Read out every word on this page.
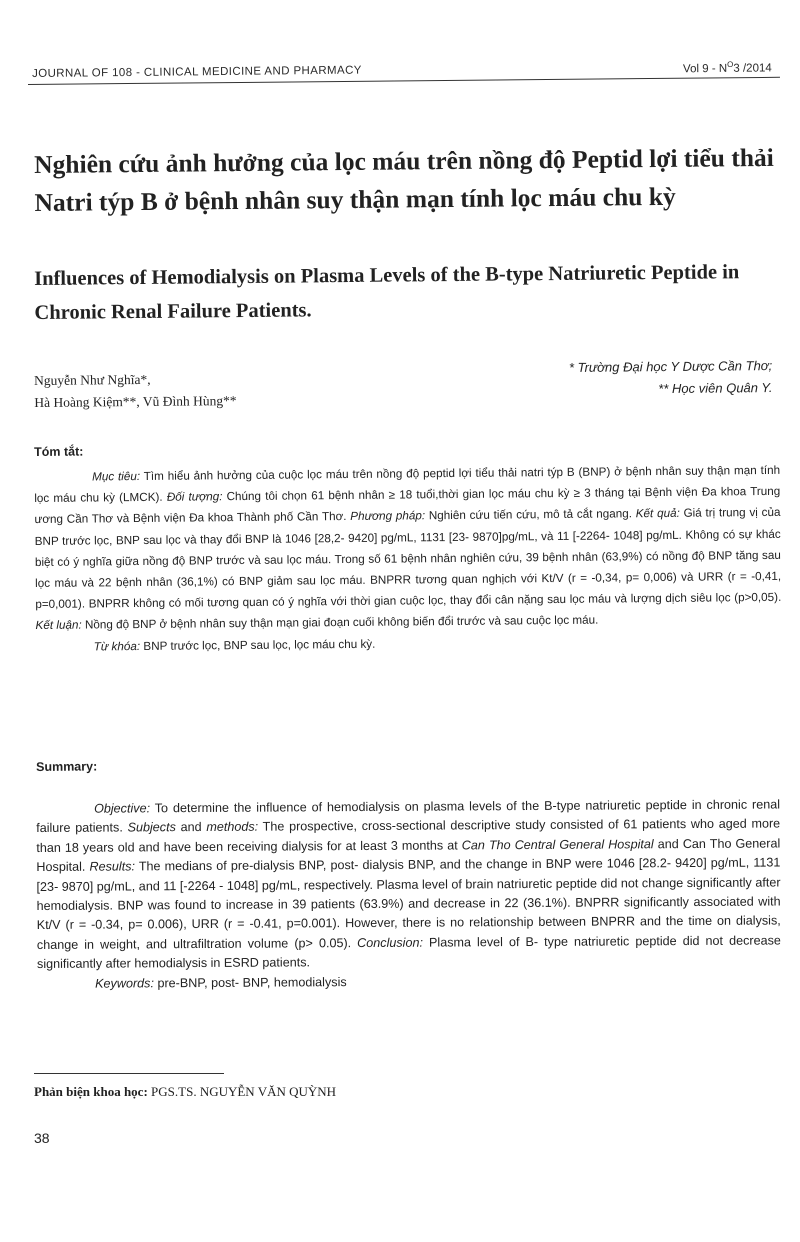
JOURNAL OF 108 - CLINICAL MEDICINE AND PHARMACY	Vol $9 - N^O3$ /2014
Nghiên cứu ảnh hưởng của lọc máu trên nồng độ Peptid lợi tiểu thải Natri týp B ở bệnh nhân suy thận mạn tính lọc máu chu kỳ
Influences of Hemodialysis on Plasma Levels of the B-type Natriuretic Peptide in Chronic Renal Failure Patients.
Nguyễn Như Nghĩa*,
Hà Hoàng Kiệm**, Vũ Đình Hùng**
* Trường Đại học Y Dược Cần Thơ;
** Học viên Quân Y.
Tóm tắt:

Mục tiêu: Tìm hiểu ảnh hưởng của cuộc lọc máu trên nồng độ peptid lợi tiểu thải natri týp B (BNP) ở bệnh nhân suy thận mạn tính lọc máu chu kỳ (LMCK). Đối tượng: Chúng tôi chọn 61 bệnh nhân ≥ 18 tuổi,thời gian lọc máu chu kỳ ≥ 3 tháng tại Bệnh viện Đa khoa Trung ương Cần Thơ và Bệnh viện Đa khoa Thành phố Cần Thơ. Phương pháp: Nghiên cứu tiến cứu, mô tả cắt ngang. Kết quả: Giá trị trung vị của BNP trước lọc, BNP sau lọc và thay đổi BNP là 1046 [28,2- 9420] pg/mL, 1131 [23- 9870]pg/mL, và 11 [-2264- 1048] pg/mL. Không có sự khác biệt có ý nghĩa giữa nồng độ BNP trước và sau lọc máu. Trong số 61 bệnh nhân nghiên cứu, 39 bệnh nhân (63,9%) có nồng độ BNP tăng sau lọc máu và 22 bệnh nhân (36,1%) có BNP giảm sau lọc máu. BNPRR tương quan nghịch với Kt/V (r = -0,34, p= 0,006) và URR (r = -0,41, p=0,001). BNPRR không có mối tương quan có ý nghĩa với thời gian cuộc lọc, thay đổi cân nặng sau lọc máu và lượng dịch siêu lọc (p>0,05). Kết luận: Nồng độ BNP ở bệnh nhân suy thận mạn giai đoạn cuối không biến đổi trước và sau cuộc lọc máu.
Từ khóa: BNP trước lọc, BNP sau lọc, lọc máu chu kỳ.

Summary:

Objective: To determine the influence of hemodialysis on plasma levels of the B-type natriuretic peptide in chronic renal failure patients. Subjects and methods: The prospective, cross-sectional descriptive study consisted of 61 patients who aged more than 18 years old and have been receiving dialysis for at least 3 months at Can Tho Central General Hospital and Can Tho General Hospital. Results: The medians of pre-dialysis BNP, post- dialysis BNP, and the change in BNP were 1046 [28.2- 9420] pg/mL, 1131 [23- 9870] pg/mL, and 11 [-2264 - 1048] pg/mL, respectively. Plasma level of brain natriuretic peptide did not change significantly after hemodialysis. BNP was found to increase in 39 patients (63.9%) and decrease in 22 (36.1%). BNPRR significantly associated with Kt/V (r = -0.34, p= 0.006), URR (r = -0.41, p=0.001). However, there is no relationship between BNPRR and the time on dialysis, change in weight, and ultrafiltration volume (p> 0.05). Conclusion: Plasma level of B- type natriuretic peptide did not decrease significantly after hemodialysis in ESRD patients.
Keywords: pre-BNP, post- BNP, hemodialysis

Phản biện khoa học: PGS.TS. NGUYỄN VĂN QUỲNH
38
